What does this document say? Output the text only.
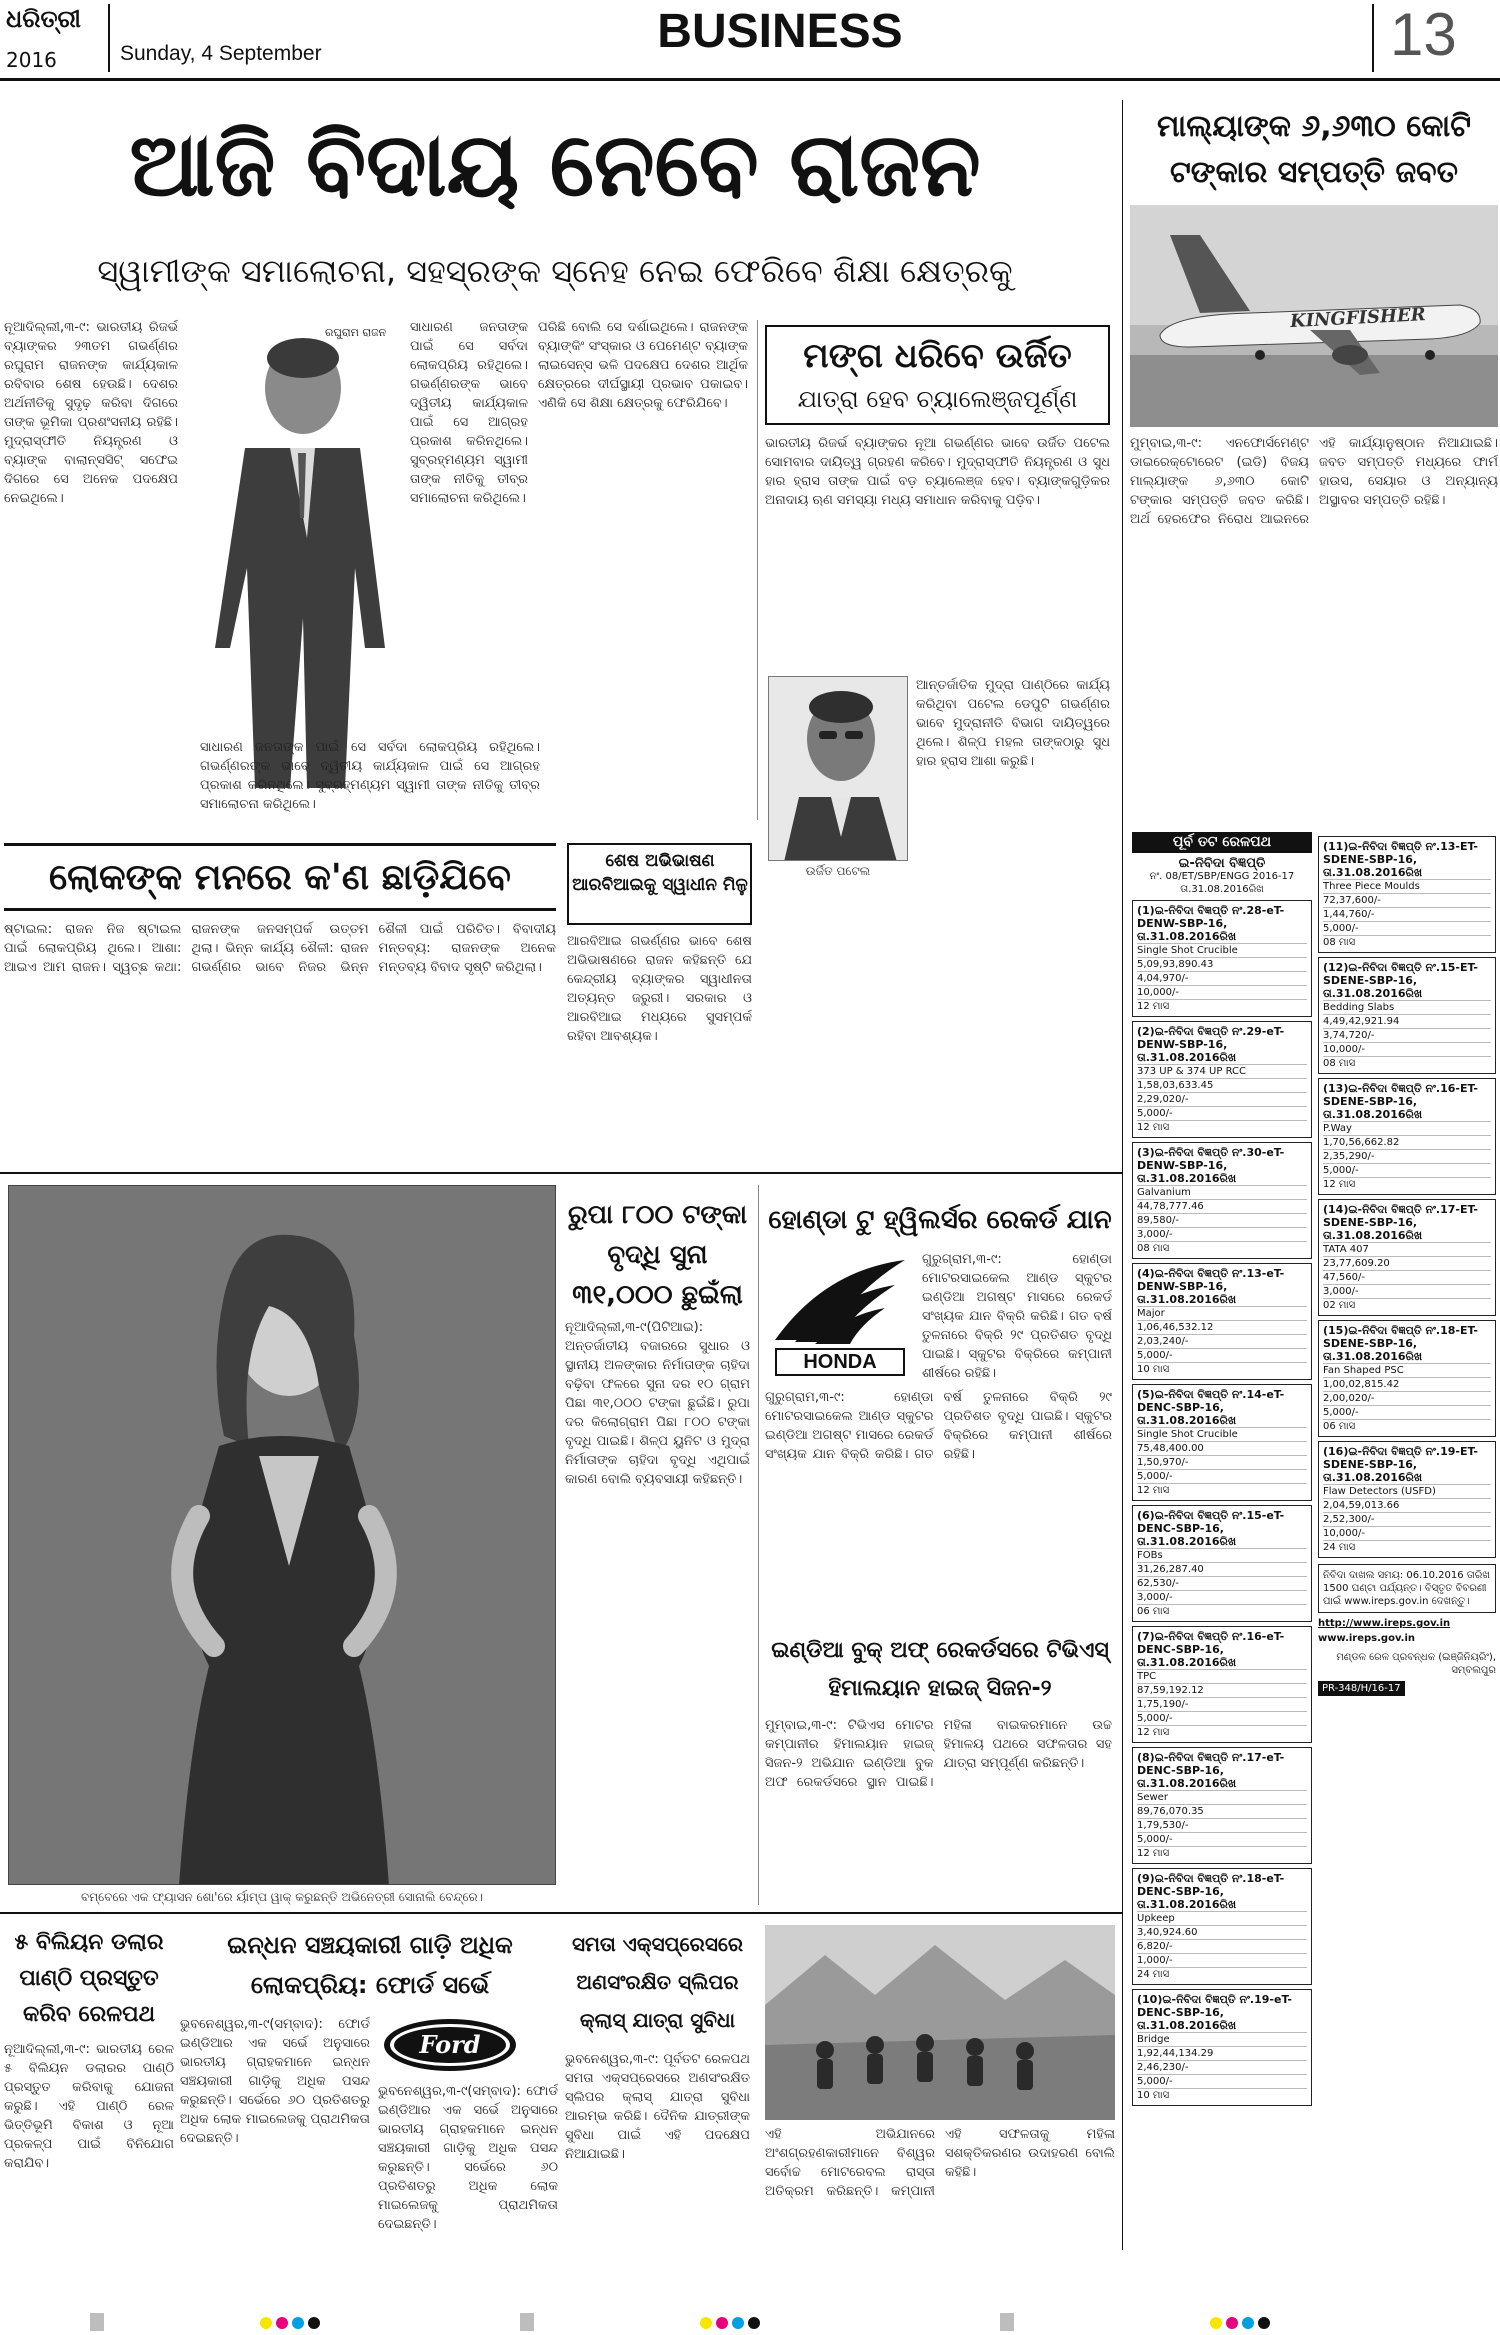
ଧରିତ୍ରୀ
2016	Sunday, 4 September	BUSINESS	13
ଆଜି ବିଦାୟ ନେବେ ରାଜନ
ସ୍ୱାମୀଙ୍କ ସମାଲୋଚନା, ସହସ୍ରଙ୍କ ସ୍ନେହ ନେଇ ଫେରିବେ ଶିକ୍ଷା କ୍ଷେତ୍ରକୁ
ରଘୁରାମ ରାଜନ
ନୂଆଦିଲ୍ଲୀ,୩-୯: ଭାରତୀୟ ରିଜର୍ଭ ବ୍ୟାଙ୍କର ୨୩ତମ ଗଭର୍ଣ୍ଣର ରଘୁରାମ ରାଜନଙ୍କ କାର୍ଯ୍ୟକାଳ ରବିବାର ଶେଷ ହେଉଛି। ଦେଶର ଅର୍ଥନୀତିକୁ ସୁଦୃଢ଼ କରିବା ଦିଗରେ ତାଙ୍କ ଭୂମିକା ପ୍ରଶଂସନୀୟ ରହିଛି। ମୁଦ୍ରାସ୍ଫୀତି ନିୟନ୍ତ୍ରଣ ଓ ବ୍ୟାଙ୍କ ବାଲାନ୍ସସିଟ୍ ସଫେଇ ଦିଗରେ ସେ ଅନେକ ପଦକ୍ଷେପ ନେଇଥିଲେ।
ସାଧାରଣ ଜନତାଙ୍କ ପାଇଁ ସେ ସର୍ବଦା ଲୋକପ୍ରିୟ ରହିଥିଲେ। ଗଭର୍ଣ୍ଣରଙ୍କ ଭାବେ ଦ୍ୱିତୀୟ କାର୍ଯ୍ୟକାଳ ପାଇଁ ସେ ଆଗ୍ରହ ପ୍ରକାଶ କରିନଥିଲେ। ସୁବ୍ରହ୍ମଣ୍ୟମ ସ୍ୱାମୀ ତାଙ୍କ ନୀତିକୁ ତୀବ୍ର ସମାଲୋଚନା କରିଥିଲେ।
ପରିଛି ବୋଲି ସେ ଦର୍ଶାଇଥିଲେ। ରାଜନଙ୍କ ବ୍ୟାଙ୍କିଂ ସଂସ୍କାର ଓ ପେମେଣ୍ଟ ବ୍ୟାଙ୍କ ଲାଇସେନ୍ସ ଭଳି ପଦକ୍ଷେପ ଦେଶର ଆର୍ଥିକ କ୍ଷେତ୍ରରେ ଦୀର୍ଘସ୍ଥାୟୀ ପ୍ରଭାବ ପକାଇବ। ଏଣିକି ସେ ଶିକ୍ଷା କ୍ଷେତ୍ରକୁ ଫେରିଯିବେ।
ସାଧାରଣ ଜନତାଙ୍କ ପାଇଁ ସେ ସର୍ବଦା ଲୋକପ୍ରିୟ ରହିଥିଲେ। ଗଭର୍ଣ୍ଣରଙ୍କ ଭାବେ ଦ୍ୱିତୀୟ କାର୍ଯ୍ୟକାଳ ପାଇଁ ସେ ଆଗ୍ରହ ପ୍ରକାଶ କରିନଥିଲେ। ସୁବ୍ରହ୍ମଣ୍ୟମ ସ୍ୱାମୀ ତାଙ୍କ ନୀତିକୁ ତୀବ୍ର ସମାଲୋଚନା କରିଥିଲେ।
ମଙ୍ଗ ଧରିବେ ଉର୍ଜିତ
ଯାତ୍ରା ହେବ ଚ୍ୟାଲେଞ୍ଜପୂର୍ଣ୍ଣ
ଭାରତୀୟ ରିଜର୍ଭ ବ୍ୟାଙ୍କର ନୂଆ ଗଭର୍ଣ୍ଣର ଭାବେ ଉର୍ଜିତ ପଟେଲ ସୋମବାର ଦାୟିତ୍ୱ ଗ୍ରହଣ କରିବେ। ମୁଦ୍ରାସ୍ଫୀତି ନିୟନ୍ତ୍ରଣ ଓ ସୁଧ ହାର ହ୍ରାସ ତାଙ୍କ ପାଇଁ ବଡ଼ ଚ୍ୟାଲେଞ୍ଜ ହେବ। ବ୍ୟାଙ୍କଗୁଡ଼ିକର ଅନାଦାୟ ଋଣ ସମସ୍ୟା ମଧ୍ୟ ସମାଧାନ କରିବାକୁ ପଡ଼ିବ।
ଉର୍ଜିତ ପଟେଲ
ଆନ୍ତର୍ଜାତିକ ମୁଦ୍ରା ପାଣ୍ଠିରେ କାର୍ଯ୍ୟ କରିଥିବା ପଟେଲ ଡେପୁଟି ଗଭର୍ଣ୍ଣର ଭାବେ ମୁଦ୍ରାନୀତି ବିଭାଗ ଦାୟିତ୍ୱରେ ଥିଲେ। ଶିଳ୍ପ ମହଲ ତାଙ୍କଠାରୁ ସୁଧ ହାର ହ୍ରାସ ଆଶା କରୁଛି।
ଲୋକଙ୍କ ମନରେ କ'ଣ ଛାଡ଼ିଯିବେ
ଷ୍ଟାଇଲ: ରାଜନ ନିଜ ଷ୍ଟାଇଲ ପାଇଁ ଲୋକପ୍ରିୟ ଥିଲେ। ଆଶା: ଆଇଏ ଆମ ରାଜନ। ସ୍ୱଚ୍ଛ କଥା: ରାଜନଙ୍କ ଜନସମ୍ପର୍କ ଉତ୍ତମ ଥିଲା। ଭିନ୍ନ କାର୍ଯ୍ୟ ଶୈଳୀ: ରାଜନ ଗଭର୍ଣ୍ଣର ଭାବେ ନିଜର ଭିନ୍ନ ଶୈଳୀ ପାଇଁ ପରିଚିତ। ବିବାଦୀୟ ମନ୍ତବ୍ୟ: ରାଜନଙ୍କ ଅନେକ ମନ୍ତବ୍ୟ ବିବାଦ ସୃଷ୍ଟି କରିଥିଲା।
ଶେଷ ଅଭିଭାଷଣ ଆରବିଆଇକୁ ସ୍ୱାଧୀନ ମିଳୁ
ଆରବିଆଇ ଗଭର୍ଣ୍ଣର ଭାବେ ଶେଷ ଅଭିଭାଷଣରେ ରାଜନ କହିଛନ୍ତି ଯେ କେନ୍ଦ୍ରୀୟ ବ୍ୟାଙ୍କର ସ୍ୱାଧୀନତା ଅତ୍ୟନ୍ତ ଜରୁରୀ। ସରକାର ଓ ଆରବିଆଇ ମଧ୍ୟରେ ସୁସମ୍ପର୍କ ରହିବା ଆବଶ୍ୟକ।
ମାଲ୍ୟାଙ୍କ ୬,୬୩୦ କୋଟି ଟଙ୍କାର ସମ୍ପତ୍ତି ଜବତ
KINGFISHER
ମୁମ୍ବାଇ,୩-୯: ଏନଫୋର୍ସମେଣ୍ଟ ଡାଇରେକ୍ଟୋରେଟ (ଇଡି) ବିଜୟ ମାଲ୍ୟାଙ୍କ ୬,୬୩୦ କୋଟି ଟଙ୍କାର ସମ୍ପତ୍ତି ଜବତ କରିଛି। ଅର୍ଥ ହେରଫେର ନିରୋଧ ଆଇନରେ ଏହି କାର୍ଯ୍ୟାନୁଷ୍ଠାନ ନିଆଯାଇଛି। ଜବତ ସମ୍ପତ୍ତି ମଧ୍ୟରେ ଫାର୍ମ ହାଉସ, ସେୟାର ଓ ଅନ୍ୟାନ୍ୟ ଅସ୍ଥାବର ସମ୍ପତ୍ତି ରହିଛି।
ପୂର୍ବ ତଟ ରେଳପଥ
ଇ-ନିବିଦା ବିଜ୍ଞପ୍ତି
ନଂ. 08/ET/SBP/ENGG 2016-17 ତା.31.08.2016ରିଖ
(1)ଇ-ନିବିଦା ବିଜ୍ଞପ୍ତି ନଂ.28-eT-DENW-SBP-16, ତା.31.08.2016ରିଖ
Single Shot Crucible
5,09,93,890.43
4,04,970/-
10,000/-
12 ମାସ
(2)ଇ-ନିବିଦା ବିଜ୍ଞପ୍ତି ନଂ.29-eT-DENW-SBP-16, ତା.31.08.2016ରିଖ
373 UP & 374 UP RCC
1,58,03,633.45
2,29,020/-
5,000/-
12 ମାସ
(3)ଇ-ନିବିଦା ବିଜ୍ଞପ୍ତି ନଂ.30-eT-DENW-SBP-16, ତା.31.08.2016ରିଖ
Galvanium
44,78,777.46
89,580/-
3,000/-
08 ମାସ
(4)ଇ-ନିବିଦା ବିଜ୍ଞପ୍ତି ନଂ.13-eT-DENW-SBP-16, ତା.31.08.2016ରିଖ
Major
1,06,46,532.12
2,03,240/-
5,000/-
10 ମାସ
(5)ଇ-ନିବିଦା ବିଜ୍ଞପ୍ତି ନଂ.14-eT-DENC-SBP-16, ତା.31.08.2016ରିଖ
Single Shot Crucible
75,48,400.00
1,50,970/-
5,000/-
12 ମାସ
(6)ଇ-ନିବିଦା ବିଜ୍ଞପ୍ତି ନଂ.15-eT-DENC-SBP-16, ତା.31.08.2016ରିଖ
FOBs
31,26,287.40
62,530/-
3,000/-
06 ମାସ
(7)ଇ-ନିବିଦା ବିଜ୍ଞପ୍ତି ନଂ.16-eT-DENC-SBP-16, ତା.31.08.2016ରିଖ
TPC
87,59,192.12
1,75,190/-
5,000/-
12 ମାସ
(8)ଇ-ନିବିଦା ବିଜ୍ଞପ୍ତି ନଂ.17-eT-DENC-SBP-16, ତା.31.08.2016ରିଖ
Sewer
89,76,070.35
1,79,530/-
5,000/-
12 ମାସ
(9)ଇ-ନିବିଦା ବିଜ୍ଞପ୍ତି ନଂ.18-eT-DENC-SBP-16, ତା.31.08.2016ରିଖ
Upkeep
3,40,924.60
6,820/-
1,000/-
24 ମାସ
(10)ଇ-ନିବିଦା ବିଜ୍ଞପ୍ତି ନଂ.19-eT-DENC-SBP-16, ତା.31.08.2016ରିଖ
Bridge
1,92,44,134.29
2,46,230/-
5,000/-
10 ମାସ
(11)ଇ-ନିବିଦା ବିଜ୍ଞପ୍ତି ନଂ.13-ET-SDENE-SBP-16, ତା.31.08.2016ରିଖ
Three Piece Moulds
72,37,600/-
1,44,760/-
5,000/-
08 ମାସ
(12)ଇ-ନିବିଦା ବିଜ୍ଞପ୍ତି ନଂ.15-ET-SDENE-SBP-16, ତା.31.08.2016ରିଖ
Bedding Slabs
4,49,42,921.94
3,74,720/-
10,000/-
08 ମାସ
(13)ଇ-ନିବିଦା ବିଜ୍ଞପ୍ତି ନଂ.16-ET-SDENE-SBP-16, ତା.31.08.2016ରିଖ
P.Way
1,70,56,662.82
2,35,290/-
5,000/-
12 ମାସ
(14)ଇ-ନିବିଦା ବିଜ୍ଞପ୍ତି ନଂ.17-ET-SDENE-SBP-16, ତା.31.08.2016ରିଖ
TATA 407
23,77,609.20
47,560/-
3,000/-
02 ମାସ
(15)ଇ-ନିବିଦା ବିଜ୍ଞପ୍ତି ନଂ.18-ET-SDENE-SBP-16, ତା.31.08.2016ରିଖ
Fan Shaped PSC
1,00,02,815.42
2,00,020/-
5,000/-
06 ମାସ
(16)ଇ-ନିବିଦା ବିଜ୍ଞପ୍ତି ନଂ.19-ET-SDENE-SBP-16, ତା.31.08.2016ରିଖ
Flaw Detectors (USFD)
2,04,59,013.66
2,52,300/-
10,000/-
24 ମାସ
ନିବିଦା ଦାଖଲ ସମୟ: 06.10.2016 ତାରିଖ 1500 ଘଣ୍ଟା ପର୍ଯ୍ୟନ୍ତ। ବିସ୍ତୃତ ବିବରଣୀ ପାଇଁ www.ireps.gov.in ଦେଖନ୍ତୁ।
http://www.ireps.gov.in
www.ireps.gov.in
ମଣ୍ଡଳ ରେଳ ପ୍ରବନ୍ଧକ (ଇଞ୍ଜିନିୟରିଂ), ସମ୍ବଲପୁର
PR-348/H/16-17
ବମ୍ବେରେ ଏକ ଫ୍ୟାସନ ଶୋ'ରେ ର୍ୟାମ୍ପ ୱାକ୍ କରୁଛନ୍ତି ଅଭିନେତ୍ରୀ ସୋନାଲି ବେନ୍ଦ୍ରେ।
ରୁପା ୮୦୦ ଟଙ୍କା ବୃଦ୍ଧି ସୁନା ୩୧,୦୦୦ ଛୁଇଁଲା
ନୂଆଦିଲ୍ଲୀ,୩-୯(ପିଟିଆଇ): ଅନ୍ତର୍ଜାତୀୟ ବଜାରରେ ସୁଧାର ଓ ସ୍ଥାନୀୟ ଅଳଙ୍କାର ନିର୍ମାତାଙ୍କ ଚାହିଦା ବଢ଼ିବା ଫଳରେ ସୁନା ଦର ୧୦ ଗ୍ରାମ ପିଛା ୩୧,୦୦୦ ଟଙ୍କା ଛୁଇଁଛି। ରୁପା ଦର କିଲୋଗ୍ରାମ ପିଛା ୮୦୦ ଟଙ୍କା ବୃଦ୍ଧି ପାଇଛି। ଶିଳ୍ପ ୟୁନିଟ ଓ ମୁଦ୍ରା ନିର୍ମାତାଙ୍କ ଚାହିଦା ବୃଦ୍ଧି ଏଥିପାଇଁ କାରଣ ବୋଲି ବ୍ୟବସାୟୀ କହିଛନ୍ତି।
ହୋଣ୍ଡା ଟୁ ହ୍ୱିଲର୍ସର ରେକର୍ଡ ଯାନ
HONDA
ଗୁରୁଗ୍ରାମ,୩-୯: ହୋଣ୍ଡା ମୋଟରସାଇକେଲ ଆଣ୍ଡ ସ୍କୁଟର ଇଣ୍ଡିଆ ଅଗଷ୍ଟ ମାସରେ ରେକର୍ଡ ସଂଖ୍ୟକ ଯାନ ବିକ୍ରି କରିଛି। ଗତ ବର୍ଷ ତୁଳନାରେ ବିକ୍ରି ୨୯ ପ୍ରତିଶତ ବୃଦ୍ଧି ପାଇଛି। ସ୍କୁଟର ବିକ୍ରିରେ କମ୍ପାନୀ ଶୀର୍ଷରେ ରହିଛି।
ଗୁରୁଗ୍ରାମ,୩-୯: ହୋଣ୍ଡା ମୋଟରସାଇକେଲ ଆଣ୍ଡ ସ୍କୁଟର ଇଣ୍ଡିଆ ଅଗଷ୍ଟ ମାସରେ ରେକର୍ଡ ସଂଖ୍ୟକ ଯାନ ବିକ୍ରି କରିଛି। ଗତ ବର୍ଷ ତୁଳନାରେ ବିକ୍ରି ୨୯ ପ୍ରତିଶତ ବୃଦ୍ଧି ପାଇଛି। ସ୍କୁଟର ବିକ୍ରିରେ କମ୍ପାନୀ ଶୀର୍ଷରେ ରହିଛି।
ଇଣ୍ଡିଆ ବୁକ୍ ଅଫ୍ ରେକର୍ଡସରେ ଟିଭିଏସ୍ ହିମାଲୟାନ ହାଇଜ୍ ସିଜନ-୨
ମୁମ୍ବାଇ,୩-୯: ଟିଭିଏସ ମୋଟର କମ୍ପାନୀର ହିମାଲୟାନ ହାଇଜ୍ ସିଜନ-୨ ଅଭିଯାନ ଇଣ୍ଡିଆ ବୁକ ଅଫ ରେକର୍ଡସରେ ସ୍ଥାନ ପାଇଛି। ମହିଳା ବାଇକରମାନେ ଉଚ୍ଚ ହିମାଳୟ ପଥରେ ସଫଳତାର ସହ ଯାତ୍ରା ସମ୍ପୂର୍ଣ୍ଣ କରିଛନ୍ତି।
୫ ବିଲିୟନ ଡଲାର ପାଣ୍ଠି ପ୍ରସ୍ତୁତ କରିବ ରେଳପଥ
ନୂଆଦିଲ୍ଲୀ,୩-୯: ଭାରତୀୟ ରେଳ ୫ ବିଲିୟନ ଡଲାରର ପାଣ୍ଠି ପ୍ରସ୍ତୁତ କରିବାକୁ ଯୋଜନା କରୁଛି। ଏହି ପାଣ୍ଠି ରେଳ ଭିତ୍ତିଭୂମି ବିକାଶ ଓ ନୂଆ ପ୍ରକଳ୍ପ ପାଇଁ ବିନିଯୋଗ କରାଯିବ।
ଇନ୍ଧନ ସଞ୍ଚୟକାରୀ ଗାଡ଼ି ଅଧିକ ଲୋକପ୍ରିୟ: ଫୋର୍ଡ ସର୍ଭେ
Ford
ଭୁବନେଶ୍ୱର,୩-୯(ସମ୍ବାଦ): ଫୋର୍ଡ ଇଣ୍ଡିଆର ଏକ ସର୍ଭେ ଅନୁସାରେ ଭାରତୀୟ ଗ୍ରାହକମାନେ ଇନ୍ଧନ ସଞ୍ଚୟକାରୀ ଗାଡ଼ିକୁ ଅଧିକ ପସନ୍ଦ କରୁଛନ୍ତି। ସର୍ଭେରେ ୬୦ ପ୍ରତିଶତରୁ ଅଧିକ ଲୋକ ମାଇଲେଜକୁ ପ୍ରାଥମିକତା ଦେଇଛନ୍ତି।
ଭୁବନେଶ୍ୱର,୩-୯(ସମ୍ବାଦ): ଫୋର୍ଡ ଇଣ୍ଡିଆର ଏକ ସର୍ଭେ ଅନୁସାରେ ଭାରତୀୟ ଗ୍ରାହକମାନେ ଇନ୍ଧନ ସଞ୍ଚୟକାରୀ ଗାଡ଼ିକୁ ଅଧିକ ପସନ୍ଦ କରୁଛନ୍ତି। ସର୍ଭେରେ ୬୦ ପ୍ରତିଶତରୁ ଅଧିକ ଲୋକ ମାଇଲେଜକୁ ପ୍ରାଥମିକତା ଦେଇଛନ୍ତି।
ସମତା ଏକ୍ସପ୍ରେସରେ ଅଣସଂରକ୍ଷିତ ସ୍ଲିପର କ୍ଲାସ୍ ଯାତ୍ରା ସୁବିଧା
ଭୁବନେଶ୍ୱର,୩-୯: ପୂର୍ବତଟ ରେଳପଥ ସମତା ଏକ୍ସପ୍ରେସରେ ଅଣସଂରକ୍ଷିତ ସ୍ଲିପର କ୍ଲାସ୍ ଯାତ୍ରା ସୁବିଧା ଆରମ୍ଭ କରିଛି। ଦୈନିକ ଯାତ୍ରୀଙ୍କ ସୁବିଧା ପାଇଁ ଏହି ପଦକ୍ଷେପ ନିଆଯାଇଛି।
ଏହି ଅଭିଯାନରେ ଅଂଶଗ୍ରହଣକାରୀମାନେ ବିଶ୍ୱର ସର୍ବୋଚ୍ଚ ମୋଟରେବଲ ରାସ୍ତା ଅତିକ୍ରମ କରିଛନ୍ତି। କମ୍ପାନୀ ଏହି ସଫଳତାକୁ ମହିଳା ସଶକ୍ତିକରଣର ଉଦାହରଣ ବୋଲି କହିଛି।
